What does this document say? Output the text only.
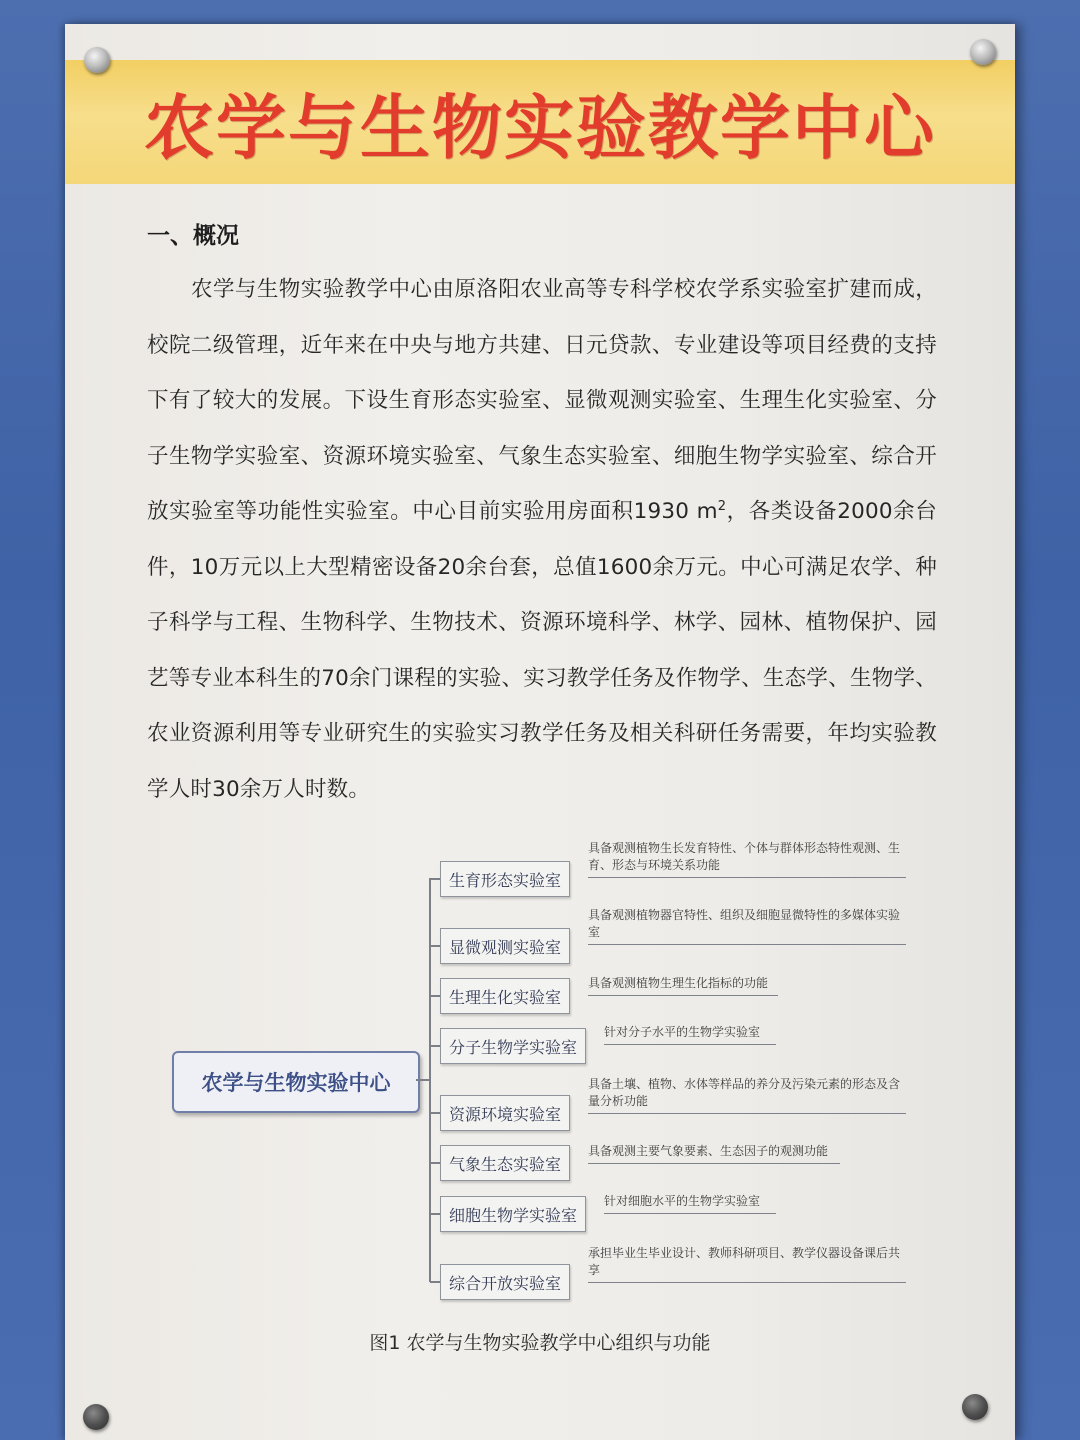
农学与生物实验教学中心
一、概况
农学与生物实验教学中心由原洛阳农业高等专科学校农学系实验室扩建而成，校院二级管理，近年来在中央与地方共建、日元贷款、专业建设等项目经费的支持下有了较大的发展。下设生育形态实验室、显微观测实验室、生理生化实验室、分子生物学实验室、资源环境实验室、气象生态实验室、细胞生物学实验室、综合开放实验室等功能性实验室。中心目前实验用房面积1930 $m^2$，各类设备2000余台件，10万元以上大型精密设备20余台套，总值1600余万元。中心可满足农学、种子科学与工程、生物科学、生物技术、资源环境科学、林学、园林、植物保护、园艺等专业本科生的70余门课程的实验、实习教学任务及作物学、生态学、生物学、农业资源利用等专业研究生的实验实习教学任务及相关科研任务需要，年均实验教学人时30余万人时数。
农学与生物实验中心
生育形态实验室
显微观测实验室
生理生化实验室
分子生物学实验室
资源环境实验室
气象生态实验室
细胞生物学实验室
综合开放实验室
具备观测植物生长发育特性、个体与群体形态特性观测、生育、形态与环境关系功能
具备观测植物器官特性、组织及细胞显微特性的多媒体实验室
具备观测植物生理生化指标的功能
针对分子水平的生物学实验室
具备土壤、植物、水体等样品的养分及污染元素的形态及含量分析功能
具备观测主要气象要素、生态因子的观测功能
针对细胞水平的生物学实验室
承担毕业生毕业设计、教师科研项目、教学仪器设备课后共享
图1 农学与生物实验教学中心组织与功能
